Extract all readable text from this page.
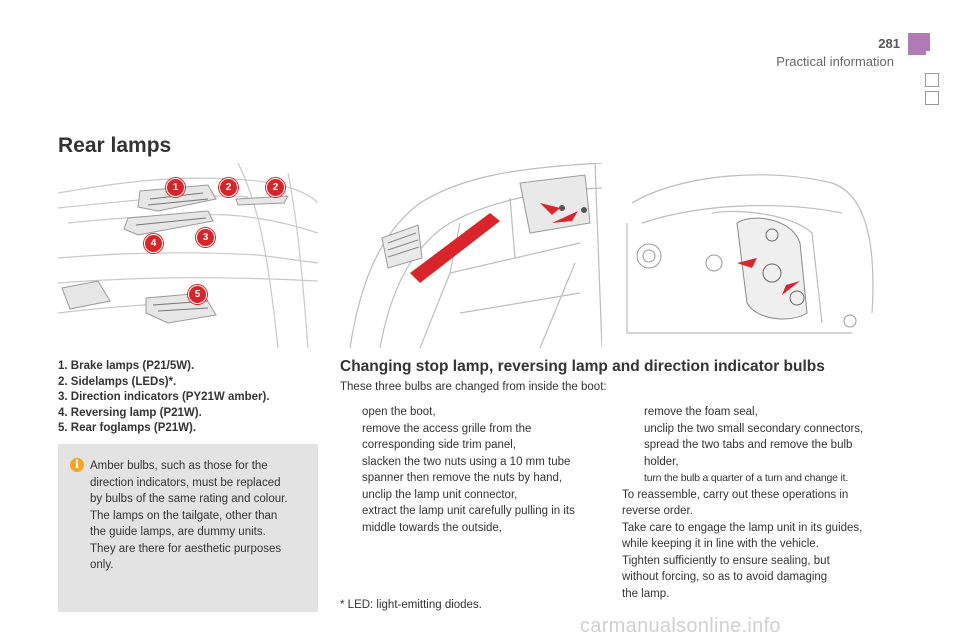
281
Practical information
Rear lamps
1	2	2
3
4
5
1. Brake lamps (P21/5W).
2. Sidelamps (LEDs)*.
3. Direction indicators (PY21W amber).
4. Reversing lamp (P21W).
5. Rear foglamps (P21W).
i Amber bulbs, such as those for the
direction indicators, must be replaced
by bulbs of the same rating and colour.
The lamps on the tailgate, other than
the guide lamps, are dummy units.
They are there for aesthetic purposes
only.
Changing stop lamp, reversing lamp and direction indicator bulbs
These three bulbs are changed from inside the boot:
open the boot,
remove the access grille from the
corresponding side trim panel,
slacken the two nuts using a 10 mm tube
spanner then remove the nuts by hand,
unclip the lamp unit connector,
extract the lamp unit carefully pulling in its
middle towards the outside,
remove the foam seal,
unclip the two small secondary connectors,
spread the two tabs and remove the bulb
holder,
turn the bulb a quarter of a turn and change it.
To reassemble, carry out these operations in
reverse order.
Take care to engage the lamp unit in its guides,
while keeping it in line with the vehicle.
Tighten sufficiently to ensure sealing, but
without forcing, so as to avoid damaging
the lamp.
* LED: light-emitting diodes.
carmanualsonline.info
